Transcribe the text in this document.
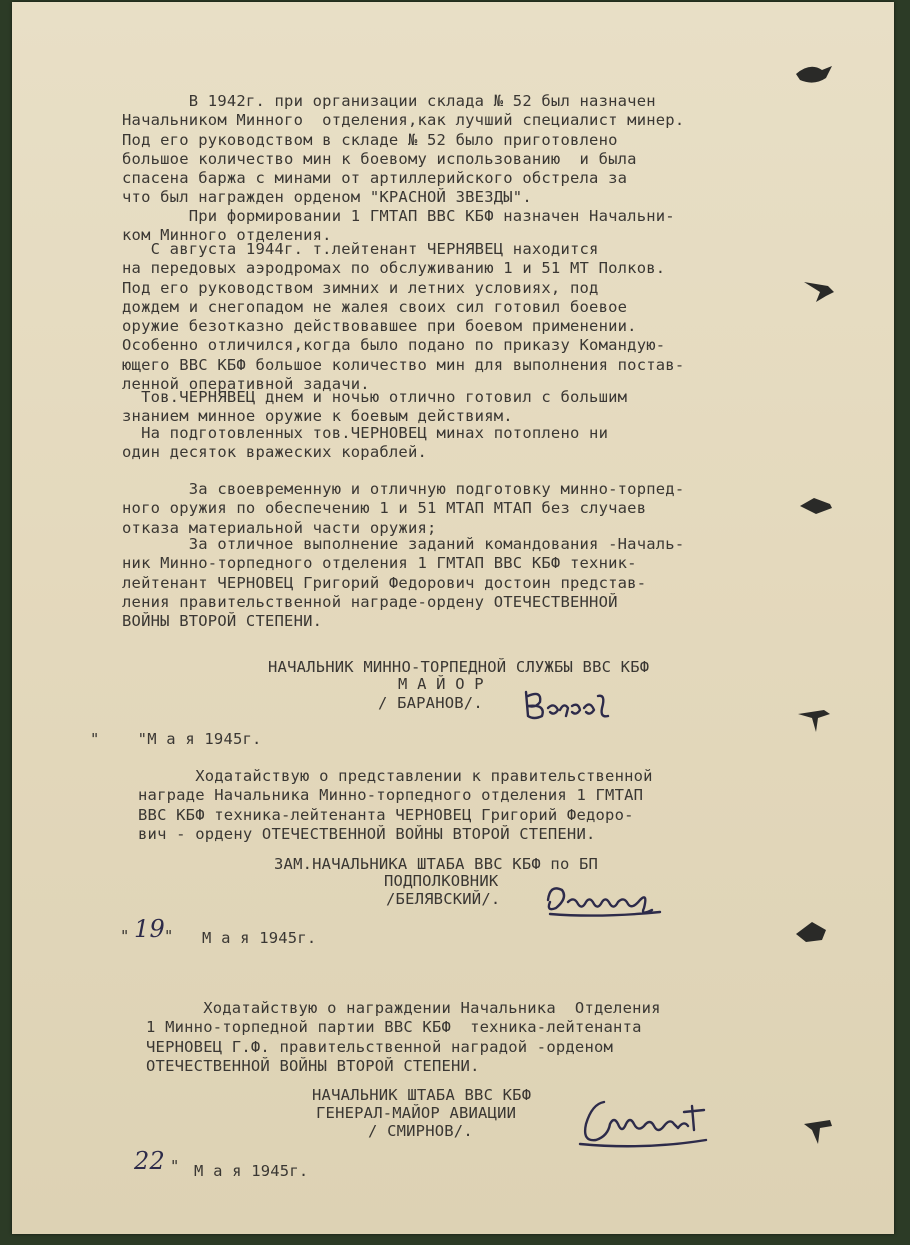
В 1942г. при организации склада № 52 был назначен
Начальником Минного  отделения,как лучший специалист минер.
Под его руководством в складе № 52 было приготовлено
большое количество мин к боевому использованию  и была
спасена баржа с минами от артиллерийского обстрела за
что был награжден орденом "КРАСНОЙ ЗВЕЗДЫ".

При формировании 1 ГМТАП ВВС КБФ назначен Начальни-
ком Минного отделения.

С августа 1944г. т.лейтенант ЧЕРНЯВЕЦ находится
на передовых аэродромах по обслуживанию 1 и 51 МТ Полков.
Под его руководством зимних и летних условиях, под
дождем и снегопадом не жалея своих сил готовил боевое
оружие безотказно действовавшее при боевом применении.
Особенно отличился,когда было подано по приказу Командую-
ющего ВВС КБФ большое количество мин для выполнения постав-
ленной оперативной задачи.

Тов.ЧЕРНЯВЕЦ днем и ночью отлично готовил с большим
знанием минное оружие к боевым действиям.

На подготовленных тов.ЧЕРНОВЕЦ минах потоплено ни
один десяток вражеских кораблей.

За своевременную и отличную подготовку минно-торпед-
ного оружия по обеспечению 1 и 51 МТАП МТАП без случаев
отказа материальной части оружия;

За отличное выполнение заданий командования -Началь-
ник Минно-торпедного отделения 1 ГМТАП ВВС КБФ техник-
лейтенант ЧЕРНОВЕЦ Григорий Федорович достоин представ-
ления правительственной награде-ордену ОТЕЧЕСТВЕННОЙ
ВОЙНЫ ВТОРОЙ СТЕПЕНИ.

НАЧАЛЬНИК МИННО-ТОРПЕДНОЙ СЛУЖБЫ ВВС КБФ

М А Й О Р

/ БАРАНОВ/.

"    "М а я 1945г.

Ходатайствую о представлении к правительственной
награде Начальника Минно-торпедного отделения 1 ГМТАП
ВВС КБФ техника-лейтенанта ЧЕРНОВЕЦ Григорий Федоро-
вич - ордену ОТЕЧЕСТВЕННОЙ ВОЙНЫ ВТОРОЙ СТЕПЕНИ.

ЗАМ.НАЧАЛЬНИКА ШТАБА ВВС КБФ по БП

ПОДПОЛКОВНИК

/БЕЛЯВСКИЙ/.

" 19 " М а я 1945г.

Ходатайствую о награждении Начальника  Отделения
1 Минно-торпедной партии ВВС КБФ  техника-лейтенанта
ЧЕРНОВЕЦ Г.Ф. правительственной наградой -орденом
ОТЕЧЕСТВЕННОЙ ВОЙНЫ ВТОРОЙ СТЕПЕНИ.

НАЧАЛЬНИК ШТАБА ВВС КБФ

ГЕНЕРАЛ-МАЙОР АВИАЦИИ

/ СМИРНОВ/.

22 " М а я 1945г.
